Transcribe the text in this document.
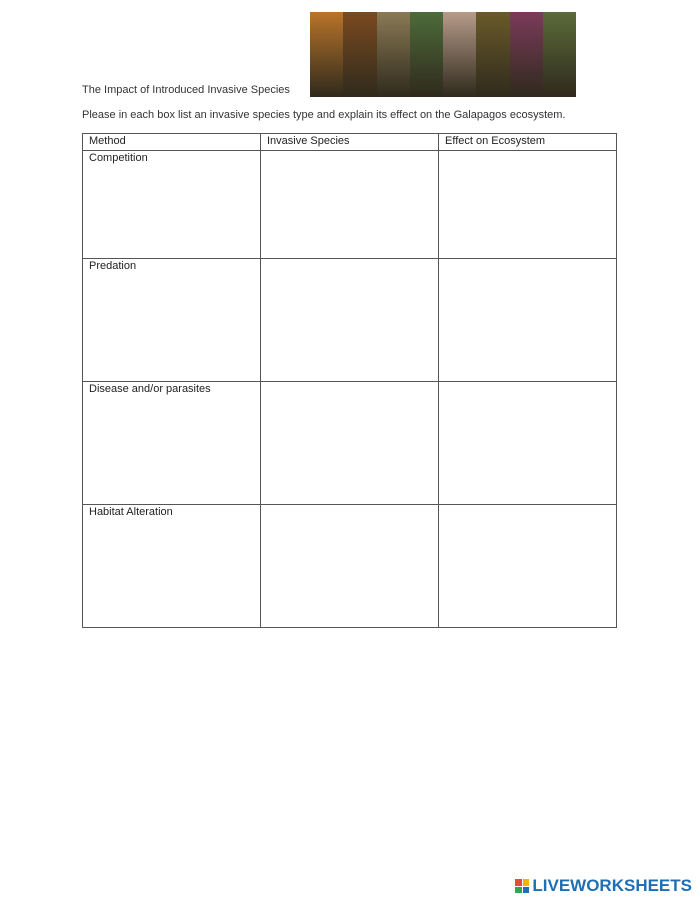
The Impact of Introduced Invasive Species
Please in each box list an invasive species type and explain its effect on the Galapagos ecosystem.
Method	Invasive Species	Effect on Ecosystem
Competition		
Predation		
Disease and/or parasites		
Habitat Alteration		
LIVEWORKSHEETS
